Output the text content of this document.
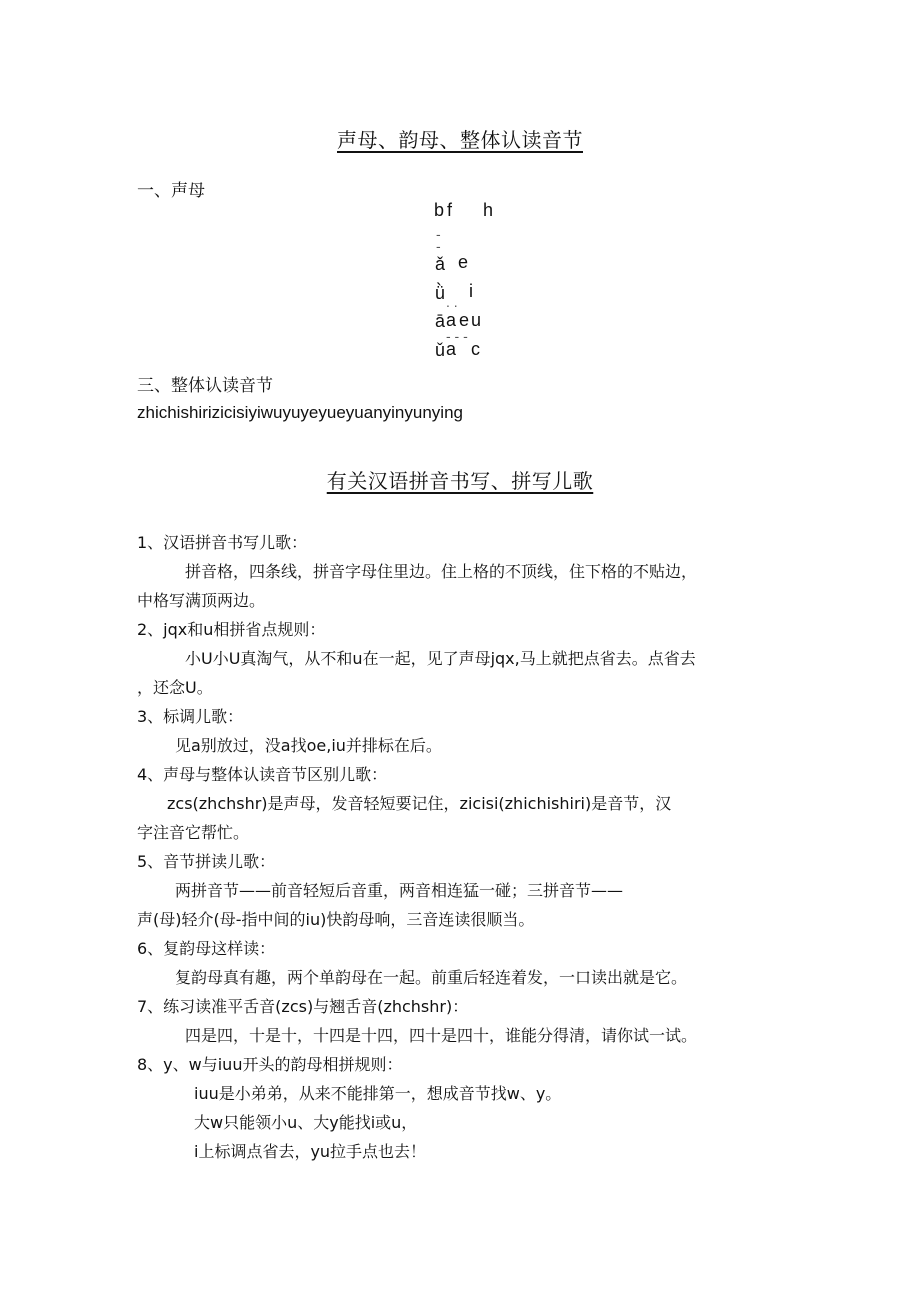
声母、韵母、整体认读音节
一、声母
b f h
-
-
ǎ e
ǜ i
. .
ā a e u
- - -
ǔ a c
三、整体认读音节
zhichishirizicisiyiwuyuyeyueyuanyinyunying
有关汉语拼音书写、拼写儿歌
1、汉语拼音书写儿歌：
拼音格，四条线，拼音字母住里边。住上格的不顶线，住下格的不贴边，
中格写满顶两边。
2、jqx和u相拼省点规则：
小U小U真淘气，从不和u在一起，见了声母jqx,马上就把点省去。点省去
，还念U。
3、标调儿歌：
见a别放过，没a找oe,iu并排标在后。
4、声母与整体认读音节区别儿歌：
zcs(zhchshr)是声母，发音轻短要记住，zicisi(zhichishiri)是音节，汉
字注音它帮忙。
5、音节拼读儿歌：
两拼音节——前音轻短后音重，两音相连猛一碰；三拼音节——
声(母)轻介(母-指中间的iu)快韵母响，三音连读很顺当。
6、复韵母这样读：
复韵母真有趣，两个单韵母在一起。前重后轻连着发，一口读出就是它。
7、练习读准平舌音(zcs)与翘舌音(zhchshr)：
四是四，十是十，十四是十四，四十是四十，谁能分得清，请你试一试。
8、y、w与iuu开头的韵母相拼规则：
iuu是小弟弟，从来不能排第一，想成音节找w、y。
大w只能领小u、大y能找i或u，
i上标调点省去，yu拉手点也去！
